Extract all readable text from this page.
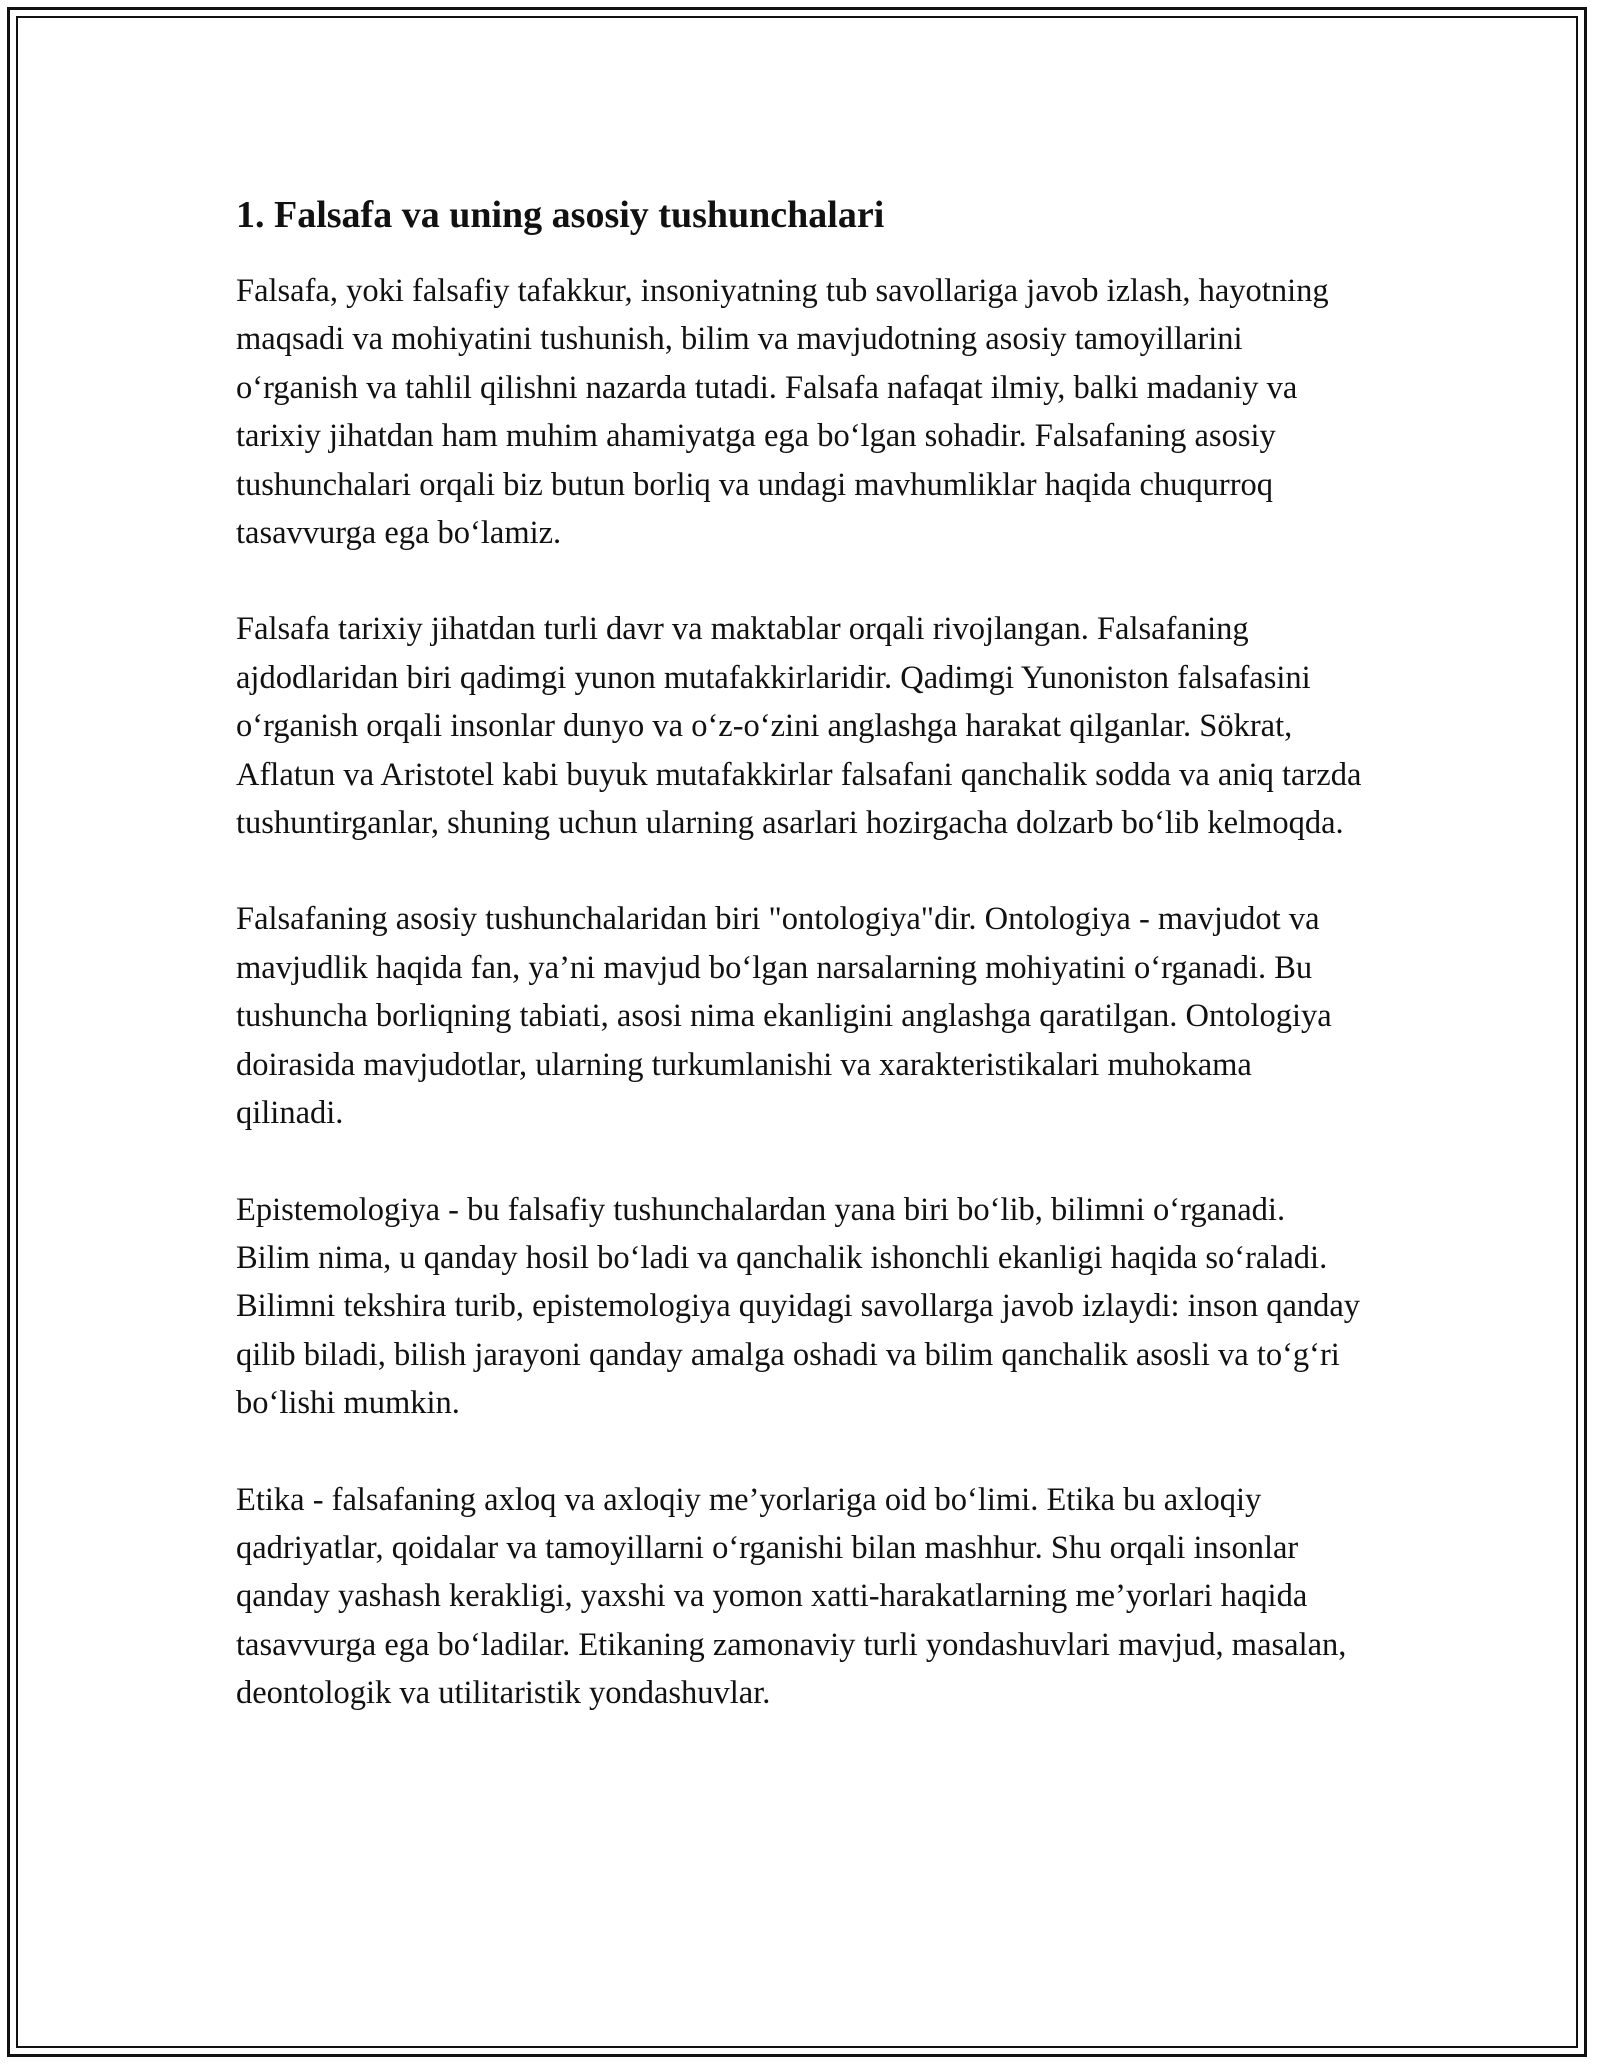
1. Falsafa va uning asosiy tushunchalari

Falsafa, yoki falsafiy tafakkur, insoniyatning tub savollariga javob izlash, hayotning maqsadi va mohiyatini tushunish, bilim va mavjudotning asosiy tamoyillarini o‘rganish va tahlil qilishni nazarda tutadi. Falsafa nafaqat ilmiy, balki madaniy va tarixiy jihatdan ham muhim ahamiyatga ega bo‘lgan sohadir. Falsafaning asosiy tushunchalari orqali biz butun borliq va undagi mavhumliklar haqida chuqurroq tasavvurga ega bo‘lamiz.

Falsafa tarixiy jihatdan turli davr va maktablar orqali rivojlangan. Falsafaning ajdodlaridan biri qadimgi yunon mutafakkirlaridir. Qadimgi Yunoniston falsafasini o‘rganish orqali insonlar dunyo va o‘z-o‘zini anglashga harakat qilganlar. Sökrat, Aflatun va Aristotel kabi buyuk mutafakkirlar falsafani qanchalik sodda va aniq tarzda tushuntirganlar, shuning uchun ularning asarlari hozirgacha dolzarb bo‘lib kelmoqda.

Falsafaning asosiy tushunchalaridan biri "ontologiya"dir. Ontologiya - mavjudot va mavjudlik haqida fan, ya’ni mavjud bo‘lgan narsalarning mohiyatini o‘rganadi. Bu tushuncha borliqning tabiati, asosi nima ekanligini anglashga qaratilgan. Ontologiya doirasida mavjudotlar, ularning turkumlanishi va xarakteristikalari muhokama qilinadi.

Epistemologiya - bu falsafiy tushunchalardan yana biri bo‘lib, bilimni o‘rganadi. Bilim nima, u qanday hosil bo‘ladi va qanchalik ishonchli ekanligi haqida so‘raladi. Bilimni tekshira turib, epistemologiya quyidagi savollarga javob izlaydi: inson qanday qilib biladi, bilish jarayoni qanday amalga oshadi va bilim qanchalik asosli va to‘g‘ri bo‘lishi mumkin.

Etika - falsafaning axloq va axloqiy me’yorlariga oid bo‘limi. Etika bu axloqiy qadriyatlar, qoidalar va tamoyillarni o‘rganishi bilan mashhur. Shu orqali insonlar qanday yashash kerakligi, yaxshi va yomon xatti-harakatlarning me’yorlari haqida tasavvurga ega bo‘ladilar. Etikaning zamonaviy turli yondashuvlari mavjud, masalan, deontologik va utilitaristik yondashuvlar.
